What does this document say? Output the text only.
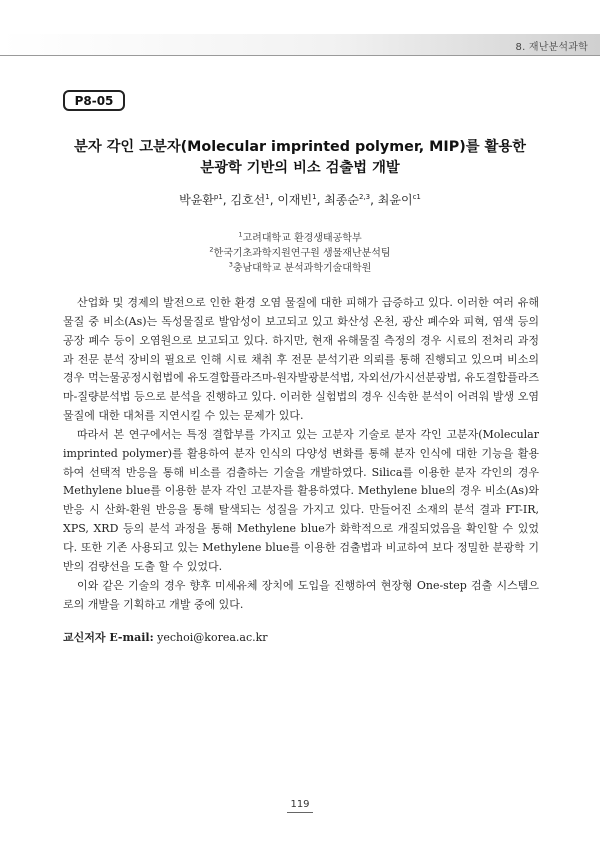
8. 재난분석과학
P8-05
분자 각인 고분자(Molecular imprinted polymer, MIP)를 활용한
분광학 기반의 비소 검출법 개발
박윤환$^{p1}$, 김호선$^1$, 이재빈$^1$, 최종순$^{2,3}$, 최윤이$^{c1}$
$^1$고려대학교 환경생태공학부
$^2$한국기초과학지원연구원 생물재난분석팀
$^3$충남대학교 분석과학기술대학원

산업화 및 경제의 발전으로 인한 환경 오염 물질에 대한 피해가 급증하고 있다. 이러한 여러 유해물질 중 비소(As)는 독성물질로 발암성이 보고되고 있고 화산성 온천, 광산 폐수와 피혁, 염색 등의 공장 폐수 등이 오염원으로 보고되고 있다. 하지만, 현재 유해물질 측정의 경우 시료의 전처리 과정과 전문 분석 장비의 필요로 인해 시료 채취 후 전문 분석기관 의뢰를 통해 진행되고 있으며 비소의 경우 먹는물공정시험법에 유도결합플라즈마-원자발광분석법, 자외선/가시선분광법, 유도결합플라즈마-질량분석법 등으로 분석을 진행하고 있다. 이러한 실험법의 경우 신속한 분석이 어려워 발생 오염물질에 대한 대처를 지연시킬 수 있는 문제가 있다.

따라서 본 연구에서는 특정 결합부를 가지고 있는 고분자 기술로 분자 각인 고분자(Molecular imprinted polymer)를 활용하여 분자 인식의 다양성 변화를 통해 분자 인식에 대한 기능을 활용하여 선택적 반응을 통해 비소를 검출하는 기술을 개발하였다. Silica를 이용한 분자 각인의 경우 Methylene blue를 이용한 분자 각인 고분자를 활용하였다. Methylene blue의 경우 비소(As)와 반응 시 산화-환원 반응을 통해 탈색되는 성질을 가지고 있다. 만들어진 소재의 분석 결과 FT-IR, XPS, XRD 등의 분석 과정을 통해 Methylene blue가 화학적으로 개질되었음을 확인할 수 있었다. 또한 기존 사용되고 있는 Methylene blue를 이용한 검출법과 비교하여 보다 정밀한 분광학 기반의 검량선을 도출 할 수 있었다.

이와 같은 기술의 경우 향후 미세유체 장치에 도입을 진행하여 현장형 One-step 검출 시스템으로의 개발을 기획하고 개발 중에 있다.

교신저자 E-mail: yechoi@korea.ac.kr
119
